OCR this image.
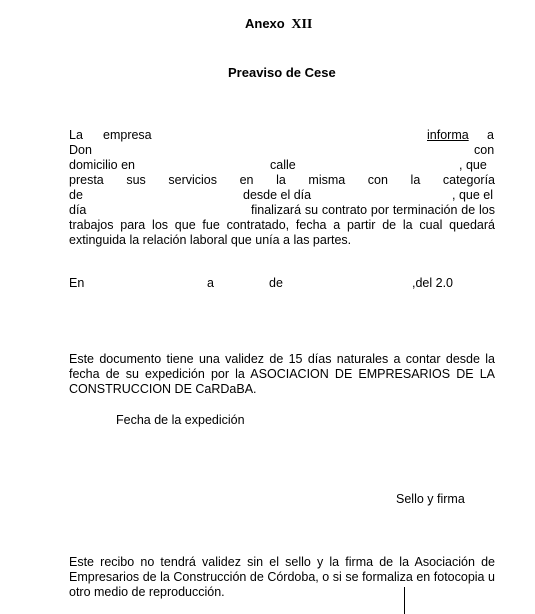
Anexo XII
Preaviso de Cese
La empresa	informa a
Don	con
domicilio en	calle	, que
presta sus servicios en la misma con la categoría
de	desde el día	, que el
día	finalizará su contrato por terminación de los
trabajos para los que fue contratado, fecha a partir de la cual quedará
extinguida la relación laboral que unía a las partes.
En	a	de	,del 2.0
Este documento tiene una validez de 15 días naturales a contar desde la
fecha de su expedición por la ASOCIACION DE EMPRESARIOS DE LA
CONSTRUCCION DE CaRDaBA.
Fecha de la expedición
Sello y firma
Este recibo no tendrá validez sin el sello y la firma de la Asociación de
Empresarios de la Construcción de Córdoba, o si se formaliza en fotocopia u
otro medio de reproducción.
